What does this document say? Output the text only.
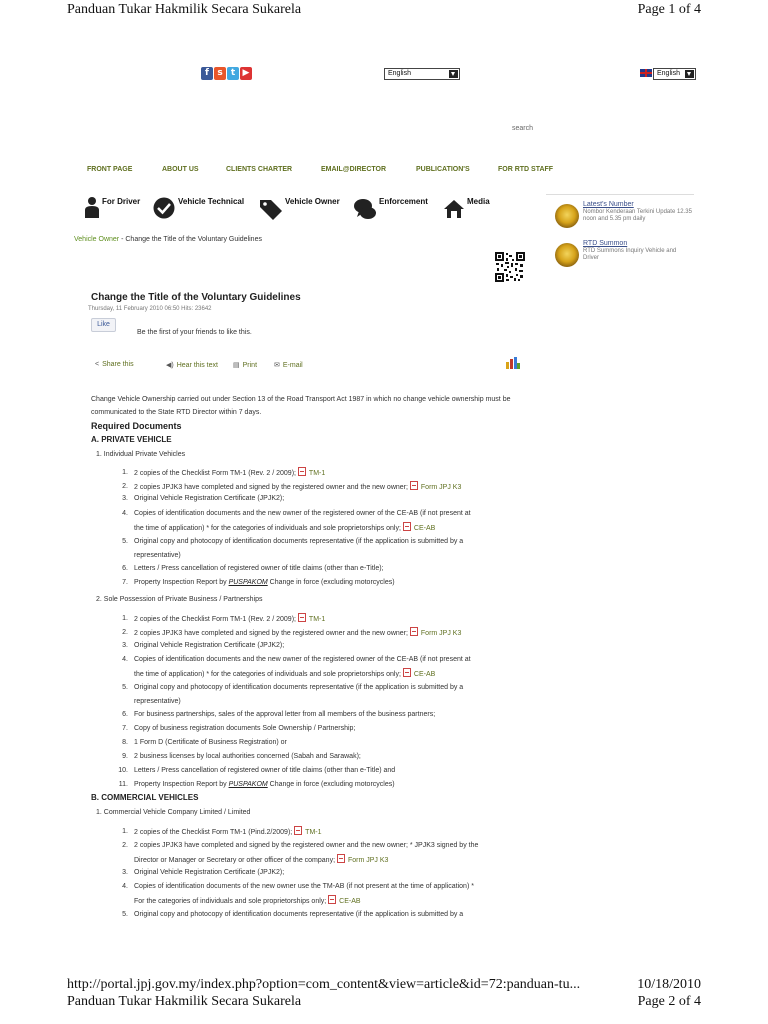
Panduan Tukar Hakmilik Secara Sukarela	Page 1 of 4
f s t ▶	English	English
search
FRONT PAGE	ABOUT US	CLIENTS CHARTER	EMAIL@DIRECTOR	PUBLICATION'S	FOR RTD STAFF
For Driver	Vehicle Technical	Vehicle Owner	Enforcement	Media	Latest's Number
Nombor Kenderaan Terkini Update 12.35 noon and 5.35 pm daily
RTD Summon
RTD Summons Inquiry Vehicle and Driver
Vehicle Owner - Change the Title of the Voluntary Guidelines
Change the Title of the Voluntary Guidelines
Thursday, 11 February 2010 06:50 Hits: 23642
Like
Be the first of your friends to like this.
< Share this	◀) Hear this text ▤ Print ✉ E-mail
Change Vehicle Ownership carried out under Section 13 of the Road Transport Act 1987 in which no change vehicle ownership must be communicated to the State RTD Director within 7 days.
Required Documents
A. PRIVATE VEHICLE
1. Individual Private Vehicles
1. 2 copies of the Checklist Form TM-1 (Rev. 2 / 2009); TM-1
2. 2 copies JPJK3 have completed and signed by the registered owner and the new owner; Form JPJ K3
3. Original Vehicle Registration Certificate (JPJK2);
4. Copies of identification documents and the new owner of the registered owner of the CE-AB (if not present at
the time of application) * for the categories of individuals and sole proprietorships only; CE-AB
5. Original copy and photocopy of identification documents representative (if the application is submitted by a
representative)
6. Letters / Press cancellation of registered owner of title claims (other than e-Title);
7. Property Inspection Report by PUSPAKOM Change in force (excluding motorcycles)
2. Sole Possession of Private Business / Partnerships
1. 2 copies of the Checklist Form TM-1 (Rev. 2 / 2009); TM-1
2. 2 copies JPJK3 have completed and signed by the registered owner and the new owner; Form JPJ K3
3. Original Vehicle Registration Certificate (JPJK2);
4. Copies of identification documents and the new owner of the registered owner of the CE-AB (if not present at
the time of application) * for the categories of individuals and sole proprietorships only; CE-AB
5. Original copy and photocopy of identification documents representative (if the application is submitted by a
representative)
6. For business partnerships, sales of the approval letter from all members of the business partners;
7. Copy of business registration documents Sole Ownership / Partnership;
8. 1 Form D (Certificate of Business Registration) or
9. 2 business licenses by local authorities concerned (Sabah and Sarawak);
10. Letters / Press cancellation of registered owner of title claims (other than e-Title) and
11. Property Inspection Report by PUSPAKOM Change in force (excluding motorcycles)
B. COMMERCIAL VEHICLES
1. Commercial Vehicle Company Limited / Limited
1. 2 copies of the Checklist Form TM-1 (Pind.2/2009); TM-1
2. 2 copies JPJK3 have completed and signed by the registered owner and the new owner; * JPJK3 signed by the
Director or Manager or Secretary or other officer of the company; Form JPJ K3
3. Original Vehicle Registration Certificate (JPJK2);
4. Copies of identification documents of the new owner use the TM-AB (if not present at the time of application) *
For the categories of individuals and sole proprietorships only; CE-AB
5. Original copy and photocopy of identification documents representative (if the application is submitted by a
http://portal.jpj.gov.my/index.php?option=com_content&view=article&id=72:panduan-tu...	10/18/2010
Panduan Tukar Hakmilik Secara Sukarela	Page 2 of 4
